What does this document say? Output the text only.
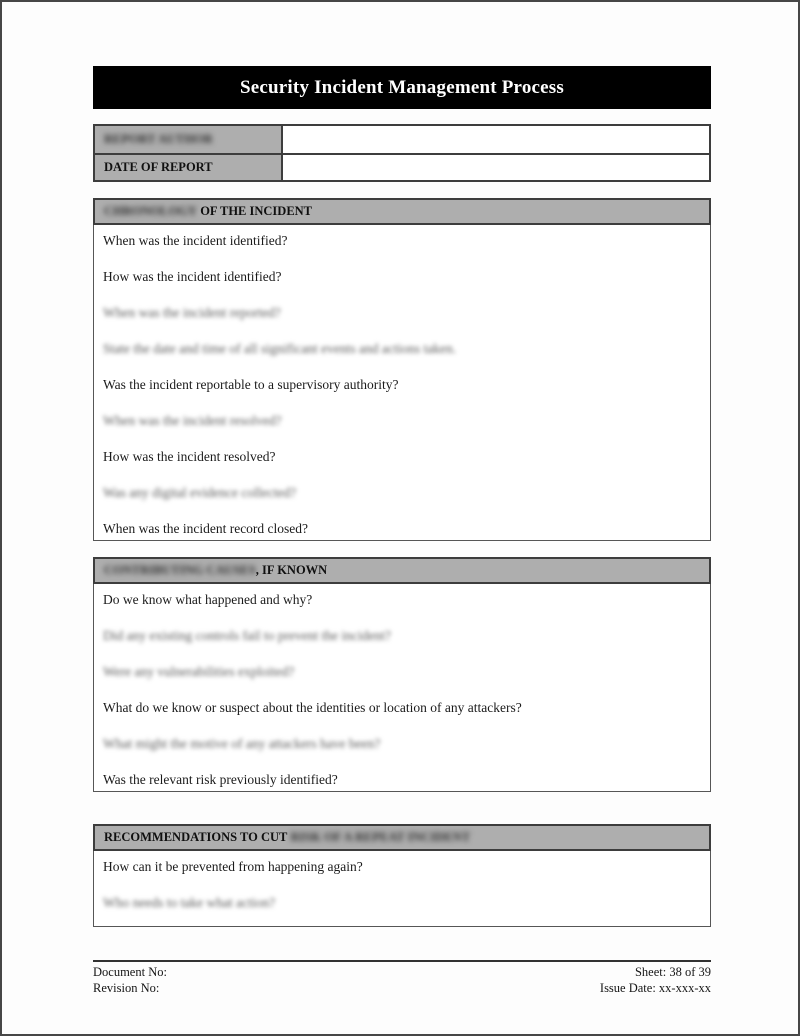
Security Incident Management Process
REPORT AUTHOR
DATE OF REPORT
CHRONOLOGY OF THE INCIDENT
When was the incident identified?
How was the incident identified?
When was the incident reported?
State the date and time of all significant events and actions taken.
Was the incident reportable to a supervisory authority?
When was the incident resolved?
How was the incident resolved?
Was any digital evidence collected?
When was the incident record closed?
CONTRIBUTING CAUSES , IF KNOWN
Do we know what happened and why?
Did any existing controls fail to prevent the incident?
Were any vulnerabilities exploited?
What do we know or suspect about the identities or location of any attackers?
What might the motive of any attackers have been?
Was the relevant risk previously identified?
RECOMMENDATIONS TO CUT RISK OF A REPEAT INCIDENT
How can it be prevented from happening again?
Who needs to take what action?
Document No:
Revision No:
Sheet: 38 of 39
Issue Date: xx-xxx-xx
